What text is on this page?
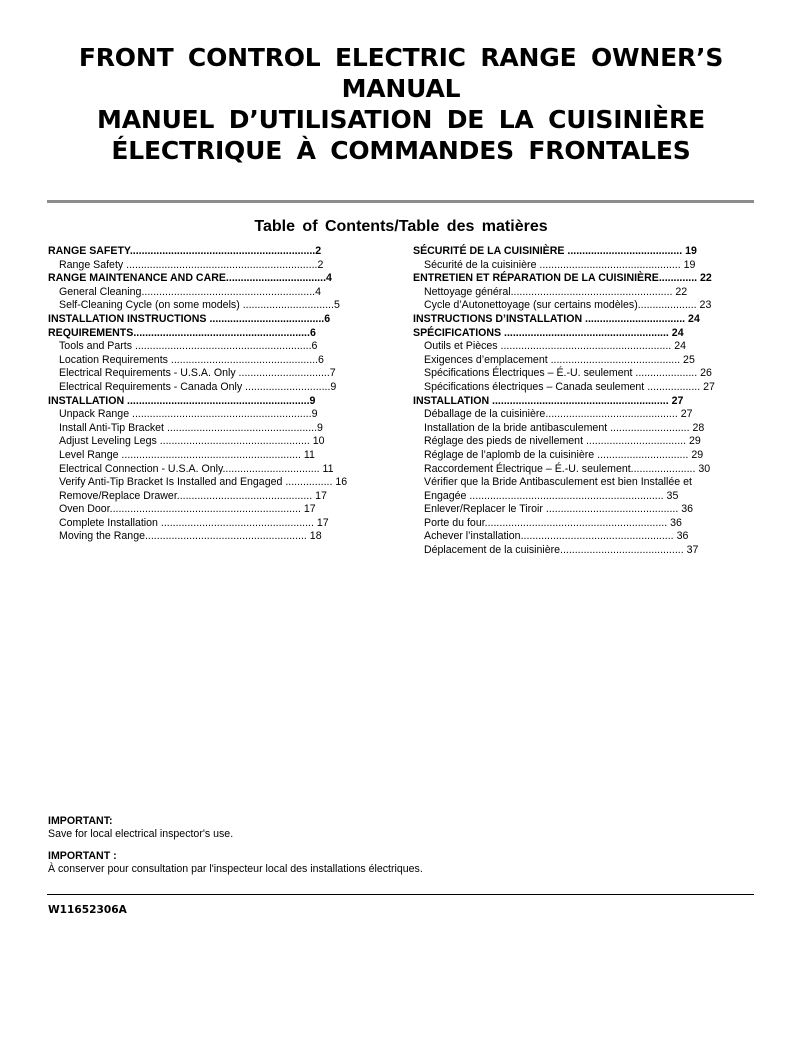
FRONT CONTROL ELECTRIC RANGE OWNER’S
MANUAL
MANUEL D’UTILISATION DE LA CUISINIÈRE
ÉLECTRIQUE À COMMANDES FRONTALES
Table of Contents/Table des matières
RANGE SAFETY...............................................................2
Range Safety .................................................................2
RANGE MAINTENANCE AND CARE..................................4
General Cleaning...........................................................4
Self-Cleaning Cycle (on some models) ...............................5
INSTALLATION INSTRUCTIONS .......................................6
REQUIREMENTS............................................................6
Tools and Parts ............................................................6
Location Requirements ..................................................6
Electrical Requirements - U.S.A. Only ...............................7
Electrical Requirements - Canada Only .............................9
INSTALLATION ..............................................................9
Unpack Range .............................................................9
Install Anti-Tip Bracket ...................................................9
Adjust Leveling Legs ................................................... 10
Level Range ............................................................. 11
Electrical Connection - U.S.A. Only................................. 11
Verify Anti-Tip Bracket Is Installed and Engaged ................ 16
Remove/Replace Drawer.............................................. 17
Oven Door................................................................. 17
Complete Installation .................................................... 17
Moving the Range....................................................... 18
SÉCURITÉ DE LA CUISINIÈRE ....................................... 19
Sécurité de la cuisinière ................................................ 19
ENTRETIEN ET RÉPARATION DE LA CUISINIÈRE............. 22
Nettoyage général....................................................... 22
Cycle d’Autonettoyage (sur certains modèles).................... 23
INSTRUCTIONS D’INSTALLATION .................................. 24
SPÉCIFICATIONS ........................................................ 24
Outils et Pièces .......................................................... 24
Exigences d’emplacement ............................................ 25
Spécifications Électriques – É.-U. seulement ..................... 26
Spécifications électriques – Canada seulement .................. 27
INSTALLATION ............................................................ 27
Déballage de la cuisinière............................................. 27
Installation de la bride antibasculement ........................... 28
Réglage des pieds de nivellement .................................. 29
Réglage de l’aplomb de la cuisinière ............................... 29
Raccordement Électrique – É.-U. seulement...................... 30
Vérifier que la Bride Antibasculement est bien Installée et Engagée .................................................................. 35
Enlever/Replacer le Tiroir ............................................. 36
Porte du four.............................................................. 36
Achever l’installation.................................................... 36
Déplacement de la cuisinière.......................................... 37
IMPORTANT:
Save for local electrical inspector's use.
IMPORTANT :
À conserver pour consultation par l'inspecteur local des installations électriques.
W11652306A
